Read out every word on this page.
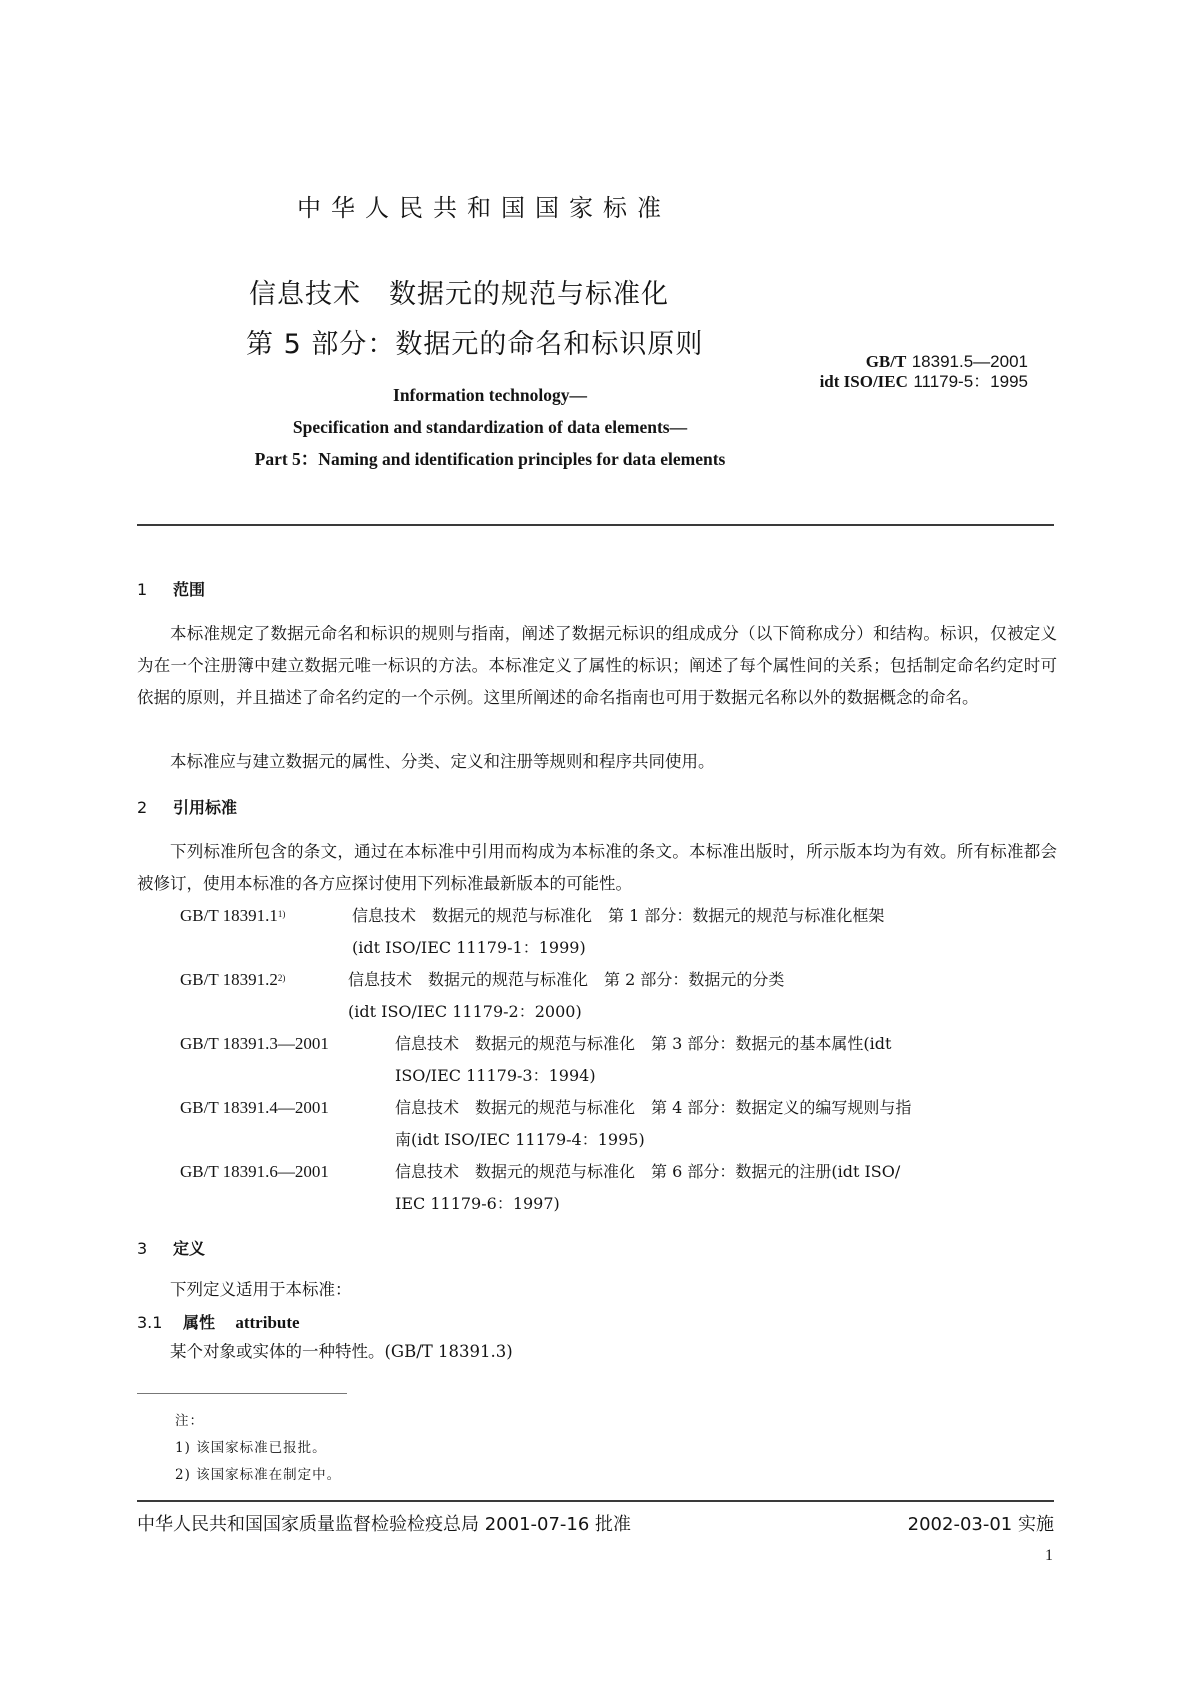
中华人民共和国国家标准
信息技术　数据元的规范与标准化
第 5 部分：数据元的命名和标识原则
GB/T 18391.5—2001
idt ISO/IEC 11179-5：1995
Information technology—
Specification and standardization of data elements—
Part 5：Naming and identification principles for data elements
1 范围
本标准规定了数据元命名和标识的规则与指南，阐述了数据元标识的组成成分（以下简称成分）和结构。标识，仅被定义为在一个注册簿中建立数据元唯一标识的方法。本标准定义了属性的标识；阐述了每个属性间的关系；包括制定命名约定时可依据的原则，并且描述了命名约定的一个示例。这里所阐述的命名指南也可用于数据元名称以外的数据概念的命名。
本标准应与建立数据元的属性、分类、定义和注册等规则和程序共同使用。
2 引用标准
下列标准所包含的条文，通过在本标准中引用而构成为本标准的条文。本标准出版时，所示版本均为有效。所有标准都会被修订，使用本标准的各方应探讨使用下列标准最新版本的可能性。
GB/T 18391.1$^{1)}$	信息技术　数据元的规范与标准化　第 1 部分：数据元的规范与标准化框架
(idt ISO/IEC 11179-1：1999)
GB/T 18391.2$^{2)}$	信息技术　数据元的规范与标准化　第 2 部分：数据元的分类
(idt ISO/IEC 11179-2：2000)
GB/T 18391.3—2001	信息技术　数据元的规范与标准化　第 3 部分：数据元的基本属性(idt
ISO/IEC 11179-3：1994)
GB/T 18391.4—2001	信息技术　数据元的规范与标准化　第 4 部分：数据定义的编写规则与指
南(idt ISO/IEC 11179-4：1995)
GB/T 18391.6—2001	信息技术　数据元的规范与标准化　第 6 部分：数据元的注册(idt ISO/
IEC 11179-6：1997)
3 定义
下列定义适用于本标准：
3.1 属性 attribute
某个对象或实体的一种特性。(GB/T 18391.3)
注：
1) 该国家标准已报批。
2) 该国家标准在制定中。
中华人民共和国国家质量监督检验检疫总局 2001-07-16 批准	2002-03-01 实施
1
